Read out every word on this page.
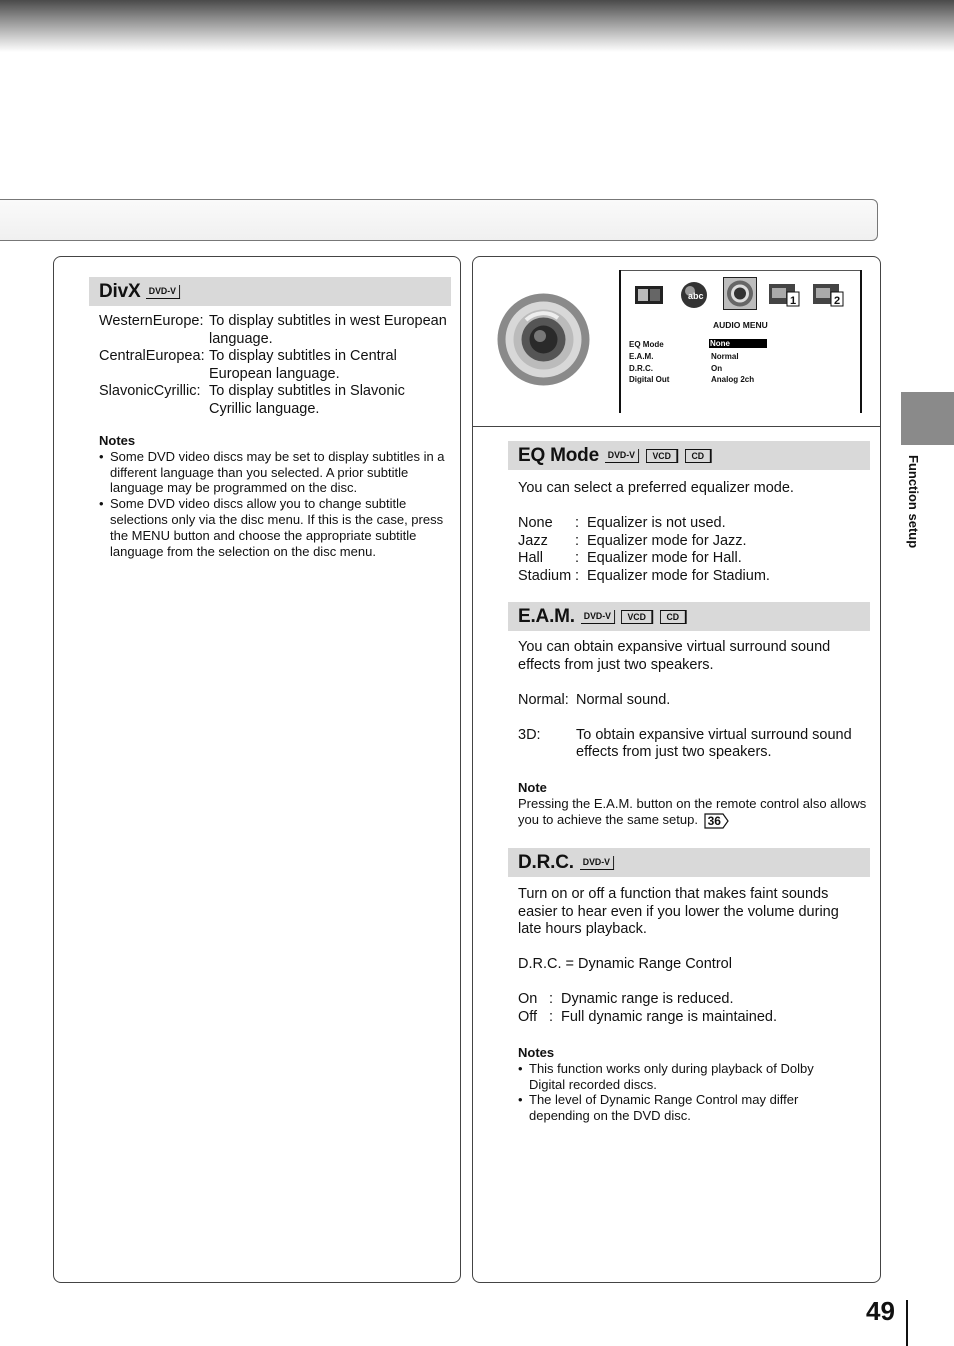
DivX DVD-V
WesternEurope: To display subtitles in west European language.
CentralEuropea: To display subtitles in Central European language.
SlavonicCyrillic: To display subtitles in Slavonic Cyrillic language.
Notes
• Some DVD video discs may be set to display subtitles in a different language than you selected. A prior subtitle language may be programmed on the disc.
• Some DVD video discs allow you to change subtitle selections only via the disc menu. If this is the case, press the MENU button and choose the appropriate subtitle language from the selection on the disc menu.
abc	1	2
AUDIO MENU
EQ Mode	None
E.A.M.	Normal
D.R.C.	On
Digital Out	Analog 2ch
EQ Mode DVD-V	VCD	CD
You can select a preferred equalizer mode.
None	: Equalizer is not used.
Jazz	: Equalizer mode for Jazz.
Hall	: Equalizer mode for Hall.
Stadium : Equalizer mode for Stadium.
E.A.M. DVD-V	VCD	CD
You can obtain expansive virtual surround sound effects from just two speakers.
Normal: Normal sound.
3D:	To obtain expansive virtual surround sound effects from just two speakers.
Note
Pressing the E.A.M. button on the remote control also allows you to achieve the same setup. 36
D.R.C. DVD-V
Turn on or off a function that makes faint sounds easier to hear even if you lower the volume during late hours playback.
D.R.C. = Dynamic Range Control
On : Dynamic range is reduced.
Off : Full dynamic range is maintained.
Notes
• This function works only during playback of Dolby Digital recorded discs.
• The level of Dynamic Range Control may differ depending on the DVD disc.
Function setup
49
